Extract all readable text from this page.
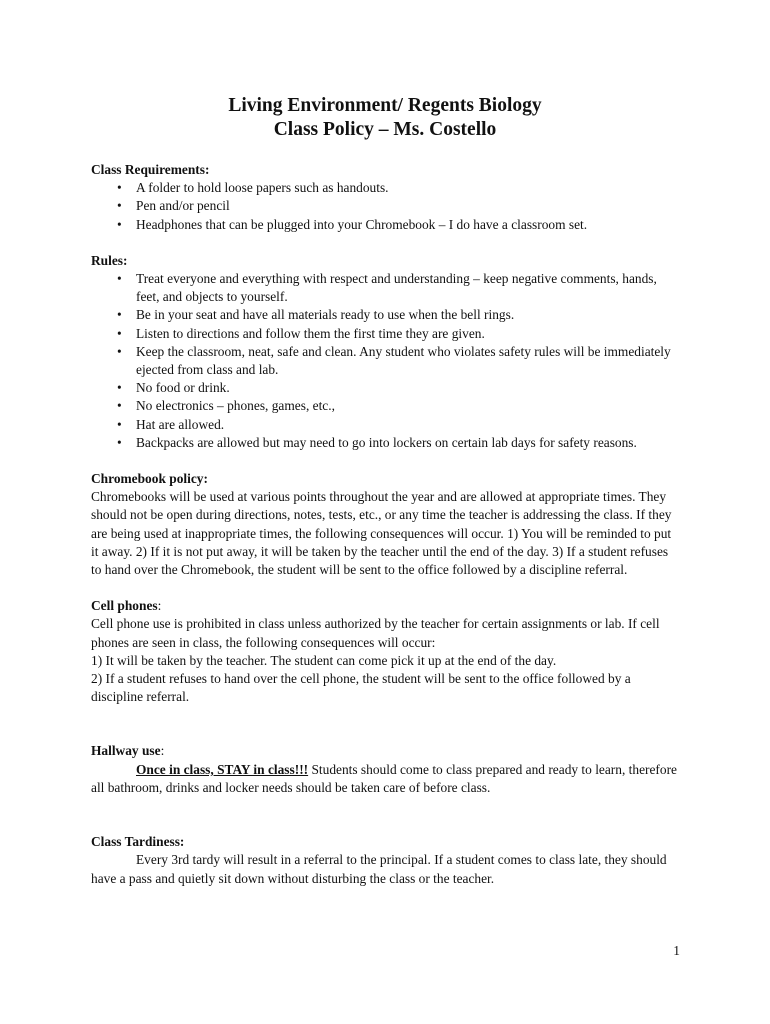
Living Environment/ Regents Biology
Class Policy – Ms. Costello
Class Requirements:
• A folder to hold loose papers such as handouts.
• Pen and/or pencil
• Headphones that can be plugged into your Chromebook – I do have a classroom set.
Rules:
• Treat everyone and everything with respect and understanding – keep negative comments, hands, feet, and objects to yourself.
• Be in your seat and have all materials ready to use when the bell rings.
• Listen to directions and follow them the first time they are given.
• Keep the classroom, neat, safe and clean. Any student who violates safety rules will be immediately ejected from class and lab.
• No food or drink.
• No electronics – phones, games, etc.,
• Hat are allowed.
• Backpacks are allowed but may need to go into lockers on certain lab days for safety reasons.
Chromebook policy:
Chromebooks will be used at various points throughout the year and are allowed at appropriate times. They should not be open during directions, notes, tests, etc., or any time the teacher is addressing the class. If they are being used at inappropriate times, the following consequences will occur. 1) You will be reminded to put it away. 2) If it is not put away, it will be taken by the teacher until the end of the day. 3) If a student refuses to hand over the Chromebook, the student will be sent to the office followed by a discipline referral.
Cell phones:
Cell phone use is prohibited in class unless authorized by the teacher for certain assignments or lab. If cell phones are seen in class, the following consequences will occur:
1) It will be taken by the teacher. The student can come pick it up at the end of the day.
2) If a student refuses to hand over the cell phone, the student will be sent to the office followed by a discipline referral.
Hallway use:
Once in class, STAY in class!!! Students should come to class prepared and ready to learn, therefore all bathroom, drinks and locker needs should be taken care of before class.
Class Tardiness:
Every 3rd tardy will result in a referral to the principal. If a student comes to class late, they should have a pass and quietly sit down without disturbing the class or the teacher.
1
